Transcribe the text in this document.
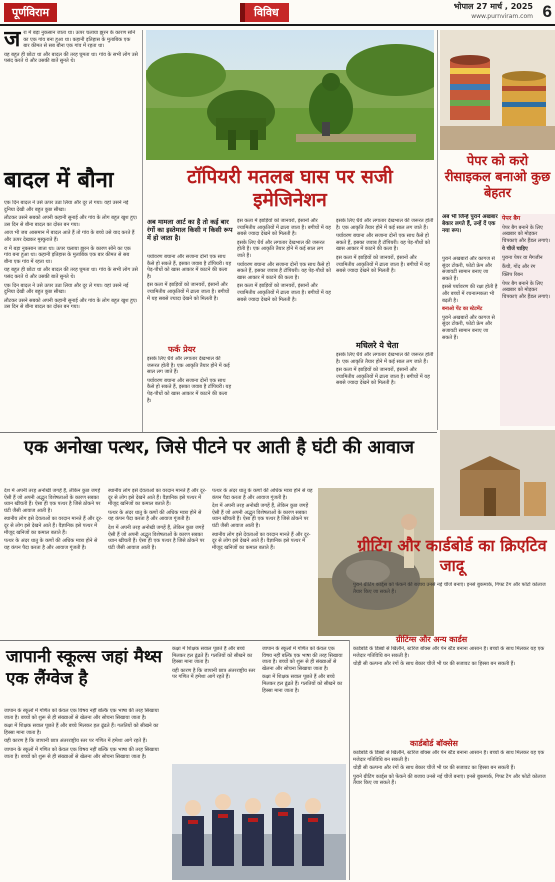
पूर्णविराम	विविध	भोपाल 27 मार्च , 2025
www.purnviram.com 6
बादल में बौना
ज रा में बड़ा नुकसान जाता था। ऊपर चलाया झुरन के कारण सोने का एक गांव बना हुआ था। कहानी इतिहास के मुताबिक एक बार कीमत से सब बौना एक गांव में रहता था।

यह बहुत ही छोटा था और बादल की तरह घूमता था। गांव के सभी लोग उसे पसंद करते थे और उसकी बातें सुनते थे।

एक दिन बादल ने उसे ऊपर उठा लिया और दूर ले गया। वहां उसने नई दुनिया देखी और बहुत कुछ सीखा।

लौटकर उसने सबको अपनी कहानी सुनाई और गांव के लोग बहुत खुश हुए। उस दिन से बौना बादल का दोस्त बन गया।

आज भी जब आसमान में बादल आते हैं तो गांव के बच्चे उसे याद करते हैं और ऊपर देखकर मुस्कुराते हैं।

रा में बड़ा नुकसान जाता था। ऊपर चलाया झुरन के कारण सोने का एक गांव बना हुआ था। कहानी इतिहास के मुताबिक एक बार कीमत से सब बौना एक गांव में रहता था।

यह बहुत ही छोटा था और बादल की तरह घूमता था। गांव के सभी लोग उसे पसंद करते थे और उसकी बातें सुनते थे।

एक दिन बादल ने उसे ऊपर उठा लिया और दूर ले गया। वहां उसने नई दुनिया देखी और बहुत कुछ सीखा।

लौटकर उसने सबको अपनी कहानी सुनाई और गांव के लोग बहुत खुश हुए। उस दिन से बौना बादल का दोस्त बन गया।

टॉपियरी मतलब घास पर सजी इमेजिनेशन
अब मामला आर्ट का है तो कई बार रंगों का इस्तेमाल किसी न किसी रूप में हो जाता है।

पर्यावरण बचाना और सजाना दोनों एक साथ कैसे हो सकते हैं, इसका जवाब है टॉपियरी। यह पेड़-पौधों को खास आकार में काटने की कला है।

इस कला में झाड़ियों को जानवरों, इंसानों और ज्यामितीय आकृतियों में ढाला जाता है। बगीचों में यह सबसे ज्यादा देखने को मिलती है।

फर्क प्रेयर

इसके लिए धैर्य और लगातार देखभाल की जरूरत होती है। एक आकृति तैयार होने में कई साल लग जाते हैं।

पर्यावरण बचाना और सजाना दोनों एक साथ कैसे हो सकते हैं, इसका जवाब है टॉपियरी। यह पेड़-पौधों को खास आकार में काटने की कला है।

इस कला में झाड़ियों को जानवरों, इंसानों और ज्यामितीय आकृतियों में ढाला जाता है। बगीचों में यह सबसे ज्यादा देखने को मिलती है।

इसके लिए धैर्य और लगातार देखभाल की जरूरत होती है। एक आकृति तैयार होने में कई साल लग जाते हैं।

पर्यावरण बचाना और सजाना दोनों एक साथ कैसे हो सकते हैं, इसका जवाब है टॉपियरी। यह पेड़-पौधों को खास आकार में काटने की कला है।

इस कला में झाड़ियों को जानवरों, इंसानों और ज्यामितीय आकृतियों में ढाला जाता है। बगीचों में यह सबसे ज्यादा देखने को मिलती है।

इसके लिए धैर्य और लगातार देखभाल की जरूरत होती है। एक आकृति तैयार होने में कई साल लग जाते हैं।

पर्यावरण बचाना और सजाना दोनों एक साथ कैसे हो सकते हैं, इसका जवाब है टॉपियरी। यह पेड़-पौधों को खास आकार में काटने की कला है।

इस कला में झाड़ियों को जानवरों, इंसानों और ज्यामितीय आकृतियों में ढाला जाता है। बगीचों में यह सबसे ज्यादा देखने को मिलती है।

मधिलरे ये चेता

इसके लिए धैर्य और लगातार देखभाल की जरूरत होती है। एक आकृति तैयार होने में कई साल लग जाते हैं।

इस कला में झाड़ियों को जानवरों, इंसानों और ज्यामितीय आकृतियों में ढाला जाता है। बगीचों में यह सबसे ज्यादा देखने को मिलती है।

एक अनोखा पत्थर, जिसे पीटने पर आती है घंटी की आवाज

देश में अपनी तरह अनोखी जगहें हैं, लेकिन कुछ जगहें ऐसी हैं जो अपनी अद्भुत विशेषताओं के कारण सबका ध्यान खींचती हैं। ऐसा ही एक पत्थर है जिसे ठोकने पर घंटी जैसी आवाज आती है।

स्थानीय लोग इसे देवताओं का वरदान मानते हैं और दूर-दूर से लोग इसे देखने आते हैं। वैज्ञानिक इसे पत्थर में मौजूद खनिजों का कमाल बताते हैं।

पत्थर के अंदर धातु के कणों की अधिक मात्रा होने से यह कंपन पैदा करता है और आवाज गूंजती है।

स्थानीय लोग इसे देवताओं का वरदान मानते हैं और दूर-दूर से लोग इसे देखने आते हैं। वैज्ञानिक इसे पत्थर में मौजूद खनिजों का कमाल बताते हैं।

पत्थर के अंदर धातु के कणों की अधिक मात्रा होने से यह कंपन पैदा करता है और आवाज गूंजती है।

देश में अपनी तरह अनोखी जगहें हैं, लेकिन कुछ जगहें ऐसी हैं जो अपनी अद्भुत विशेषताओं के कारण सबका ध्यान खींचती हैं। ऐसा ही एक पत्थर है जिसे ठोकने पर घंटी जैसी आवाज आती है।

पत्थर के अंदर धातु के कणों की अधिक मात्रा होने से यह कंपन पैदा करता है और आवाज गूंजती है।

देश में अपनी तरह अनोखी जगहें हैं, लेकिन कुछ जगहें ऐसी हैं जो अपनी अद्भुत विशेषताओं के कारण सबका ध्यान खींचती हैं। ऐसा ही एक पत्थर है जिसे ठोकने पर घंटी जैसी आवाज आती है।

स्थानीय लोग इसे देवताओं का वरदान मानते हैं और दूर-दूर से लोग इसे देखने आते हैं। वैज्ञानिक इसे पत्थर में मौजूद खनिजों का कमाल बताते हैं।

जापानी स्कूल्स जहां मैथ्स एक लैंग्वेज है

जापान के स्कूलों में गणित को केवल एक विषय नहीं बल्कि एक भाषा की तरह सिखाया जाता है। बच्चों को शुरू से ही संख्याओं से खेलना और सोचना सिखाया जाता है।

कक्षा में शिक्षक सवाल पूछते हैं और बच्चे मिलकर हल ढूंढते हैं। गलतियों को सीखने का हिस्सा माना जाता है।

यही कारण है कि जापानी छात्र अंतरराष्ट्रीय स्तर पर गणित में हमेशा आगे रहते हैं।

जापान के स्कूलों में गणित को केवल एक विषय नहीं बल्कि एक भाषा की तरह सिखाया जाता है। बच्चों को शुरू से ही संख्याओं से खेलना और सोचना सिखाया जाता है।

कक्षा में शिक्षक सवाल पूछते हैं और बच्चे मिलकर हल ढूंढते हैं। गलतियों को सीखने का हिस्सा माना जाता है।

यही कारण है कि जापानी छात्र अंतरराष्ट्रीय स्तर पर गणित में हमेशा आगे रहते हैं।

जापान के स्कूलों में गणित को केवल एक विषय नहीं बल्कि एक भाषा की तरह सिखाया जाता है। बच्चों को शुरू से ही संख्याओं से खेलना और सोचना सिखाया जाता है।

कक्षा में शिक्षक सवाल पूछते हैं और बच्चे मिलकर हल ढूंढते हैं। गलतियों को सीखने का हिस्सा माना जाता है।

पेपर को करो रीसाइकल बनाओ कुछ बेहतर
अब भी जिन्हें पुराने अखबार बेकार लगते हैं, उन्हें दें एक नया रूप।

पुराने अखबारों और कागज से सुंदर टोकरी, फोटो फ्रेम और सजावटी सामान बनाए जा सकते हैं।

इससे पर्यावरण की रक्षा होती है और बच्चों में रचनात्मकता भी बढ़ती है।

बनाओ पेंट का स्टेटमेंट

पुराने अखबारों और कागज से सुंदर टोकरी, फोटो फ्रेम और सजावटी सामान बनाए जा सकते हैं।

पेपर बैग

पेपर बैग बनाने के लिए अखबार को मोड़कर चिपकाएं और हैंडल लगाएं।

ये चीजें चाहिए

पुराना पेपर या मैगजीन

कैंची, गोंद और रंग

क्लिप रिबन

पेपर बैग बनाने के लिए अखबार को मोड़कर चिपकाएं और हैंडल लगाएं।

ग्रीटिंग और कार्डबोर्ड का क्रिएटिव जादू

पुराने ग्रीटिंग कार्ड्स को फेंकने की बजाय उनसे नई चीजें बनाएं। इनसे बुकमार्क, गिफ्ट टैग और फोटो कोलाज तैयार किए जा सकते हैं।

ग्रीटिंग्स और अन्य कार्डस

कार्डबोर्ड के डिब्बों से खिलौने, स्टोरेज बॉक्स और पेन स्टैंड बनाना आसान है। बच्चों के साथ मिलकर यह एक मजेदार गतिविधि बन सकती है।

थोड़ी सी कल्पना और रंगों के साथ बेकार चीजें भी घर की सजावट का हिस्सा बन सकती हैं।

कार्डबोर्ड बॉक्सेस

कार्डबोर्ड के डिब्बों से खिलौने, स्टोरेज बॉक्स और पेन स्टैंड बनाना आसान है। बच्चों के साथ मिलकर यह एक मजेदार गतिविधि बन सकती है।

थोड़ी सी कल्पना और रंगों के साथ बेकार चीजें भी घर की सजावट का हिस्सा बन सकती हैं।

पुराने ग्रीटिंग कार्ड्स को फेंकने की बजाय उनसे नई चीजें बनाएं। इनसे बुकमार्क, गिफ्ट टैग और फोटो कोलाज तैयार किए जा सकते हैं।
